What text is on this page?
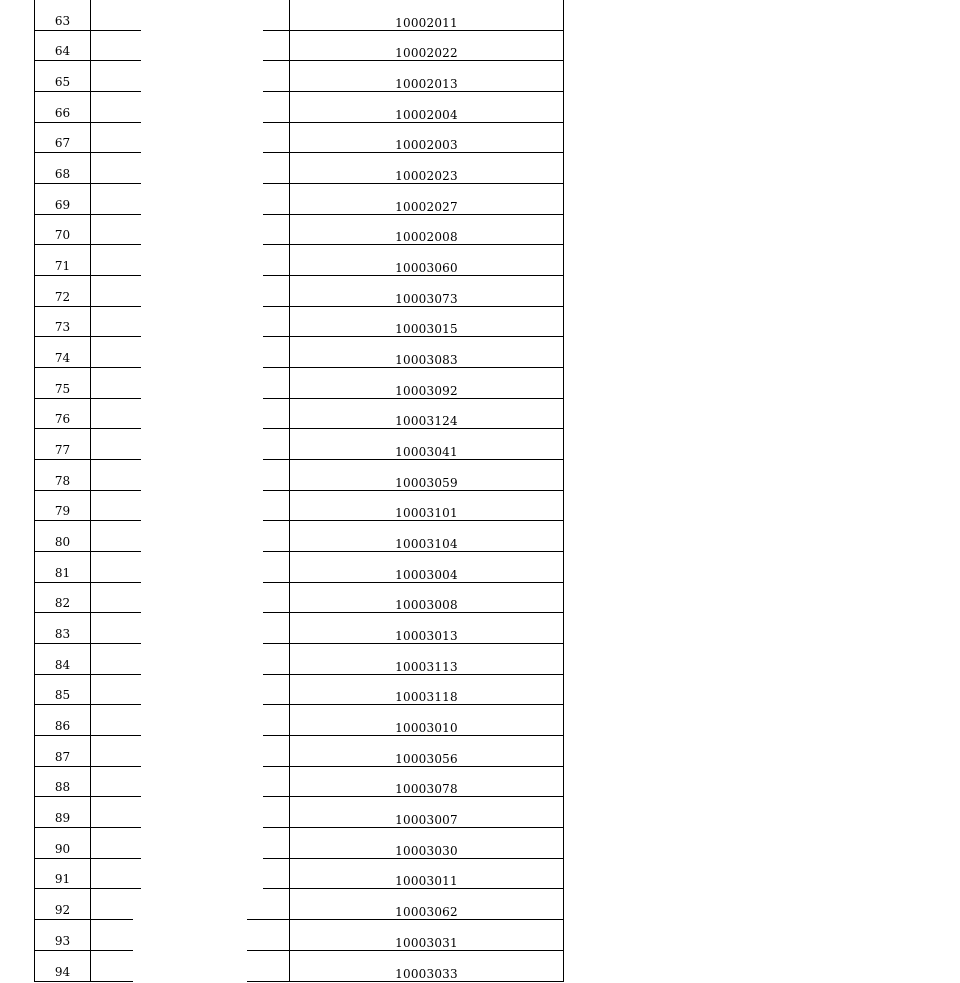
63	10002011
64	10002022
65	10002013
66	10002004
67	10002003
68	10002023
69	10002027
70	10002008
71	10003060
72	10003073
73	10003015
74	10003083
75	10003092
76	10003124
77	10003041
78	10003059
79	10003101
80	10003104
81	10003004
82	10003008
83	10003013
84	10003113
85	10003118
86	10003010
87	10003056
88	10003078
89	10003007
90	10003030
91	10003011
92	10003062
93	10003031
94	10003033
